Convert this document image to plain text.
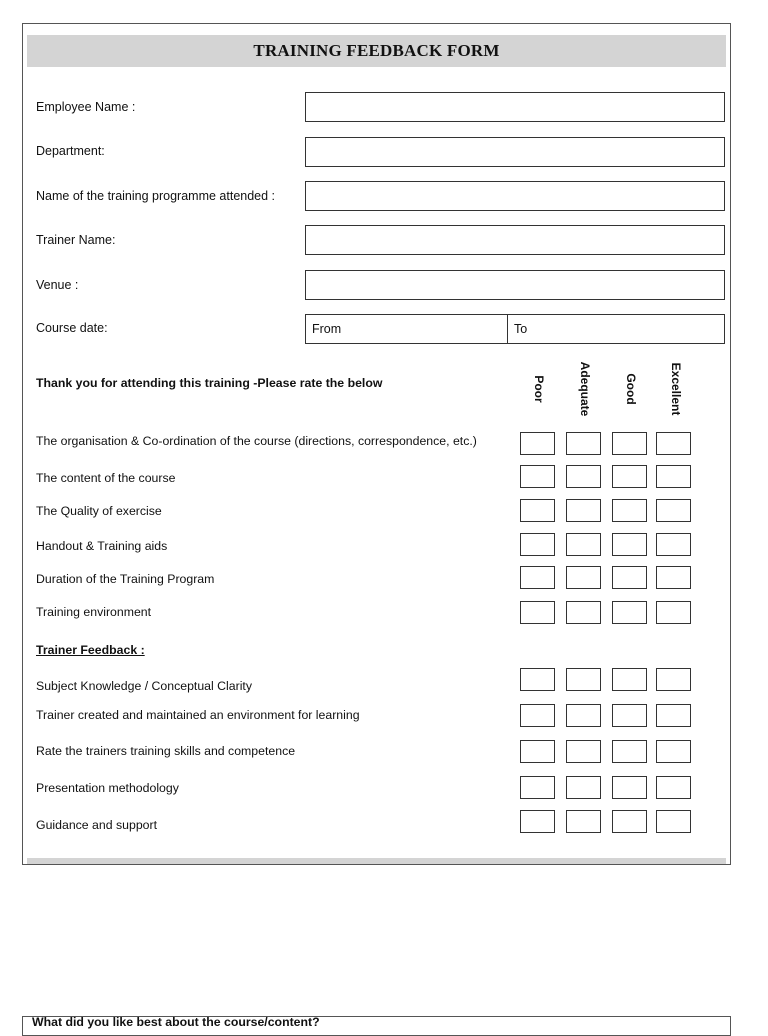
TRAINING FEEDBACK FORM
Employee Name :
Department:
Name of the training programme attended :
Trainer Name:
Venue :
Course date:	From	To
Thank you for attending this training -Please rate the below	Poor	Adequate	Good	Excellent
The organisation & Co-ordination of the course (directions, correspondence, etc.)
The content of the course
The Quality of exercise
Handout & Training aids
Duration of the Training Program
Training environment
Trainer Feedback :
Subject Knowledge / Conceptual Clarity
Trainer created and maintained an environment for learning
Rate the trainers training skills and competence
Presentation methodology
Guidance and support
What did you like best about the course/content?
